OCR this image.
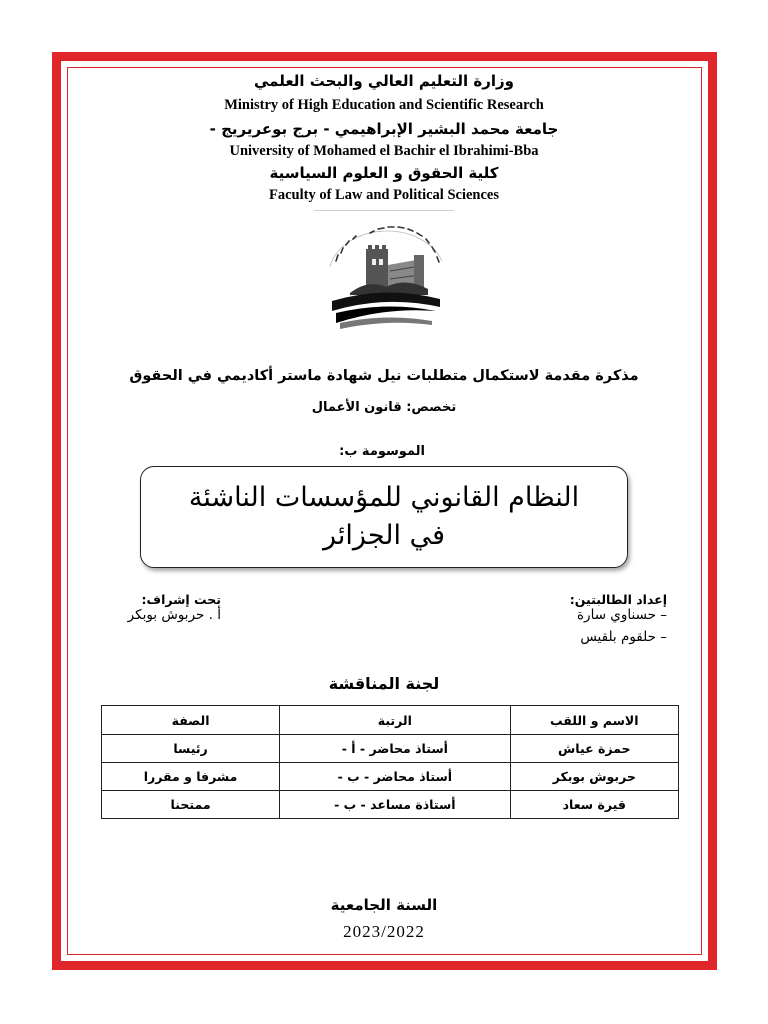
وزارة التعليم العالي والبحث العلمي
Ministry of High Education and Scientific Research
جامعة محمد البشير الإبراهيمي - برج بوعريريج -
University of Mohamed el Bachir el Ibrahimi-Bba
كلية الحقوق و العلوم السياسية
Faculty of Law and Political Sciences
مذكرة مقدمة لاستكمال متطلبات نيل شهادة ماستر أكاديمي في الحقوق
تخصص: قانون الأعمال
الموسومة ب:
النظام القانوني للمؤسسات الناشئة
في الجزائر
إعداد الطالبتين:
– حسناوي سارة
– حلقوم بلقيس
تحت إشراف:
أ . حربوش بوبكر
لجنة المناقشة
الاسم و اللقب	الرتبة	الصفة
حمزة عياش	أستاذ محاضر - أ -	رئيسا
حربوش بوبكر	أستاذ محاضر - ب -	مشرفا و مقررا
قيرة سعاد	أستاذة مساعد - ب -	ممتحنا
السنة الجامعية
2023/2022
